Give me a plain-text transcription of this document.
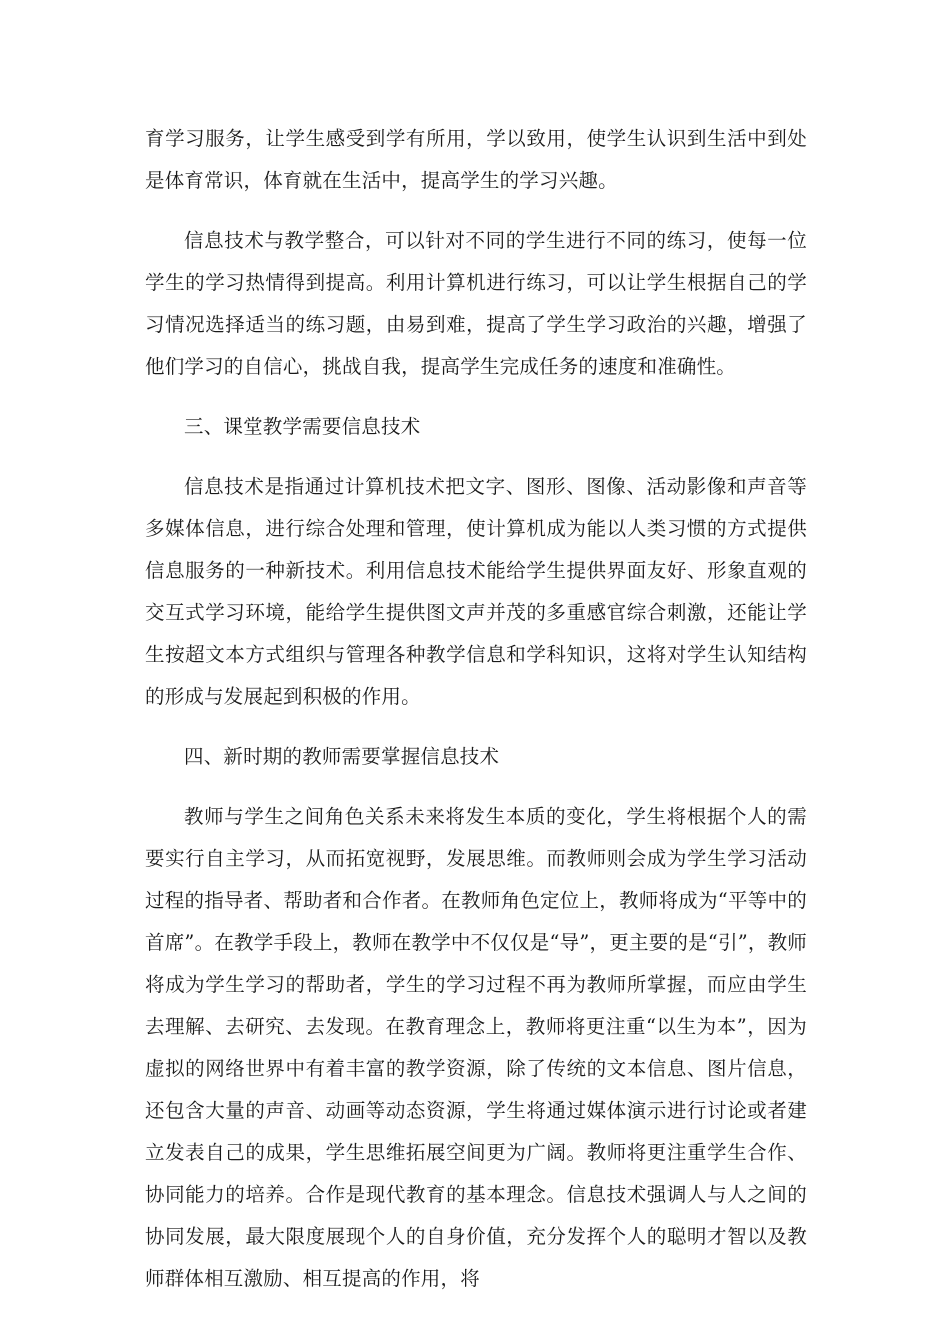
育学习服务，让学生感受到学有所用，学以致用，使学生认识到生活中到处是体育常识，体育就在生活中，提高学生的学习兴趣。

信息技术与教学整合，可以针对不同的学生进行不同的练习，使每一位学生的学习热情得到提高。利用计算机进行练习，可以让学生根据自己的学习情况选择适当的练习题，由易到难，提高了学生学习政治的兴趣，增强了他们学习的自信心，挑战自我，提高学生完成任务的速度和准确性。

三、课堂教学需要信息技术

信息技术是指通过计算机技术把文字、图形、图像、活动影像和声音等多媒体信息，进行综合处理和管理，使计算机成为能以人类习惯的方式提供信息服务的一种新技术。利用信息技术能给学生提供界面友好、形象直观的交互式学习环境，能给学生提供图文声并茂的多重感官综合刺激，还能让学生按超文本方式组织与管理各种教学信息和学科知识，这将对学生认知结构的形成与发展起到积极的作用。

四、新时期的教师需要掌握信息技术

教师与学生之间角色关系未来将发生本质的变化，学生将根据个人的需要实行自主学习，从而拓宽视野，发展思维。而教师则会成为学生学习活动过程的指导者、帮助者和合作者。在教师角色定位上，教师将成为“平等中的首席”。在教学手段上，教师在教学中不仅仅是“导”，更主要的是“引”，教师将成为学生学习的帮助者，学生的学习过程不再为教师所掌握，而应由学生去理解、去研究、去发现。在教育理念上，教师将更注重“以生为本”，因为虚拟的网络世界中有着丰富的教学资源，除了传统的文本信息、图片信息，还包含大量的声音、动画等动态资源，学生将通过媒体演示进行讨论或者建立发表自己的成果，学生思维拓展空间更为广阔。教师将更注重学生合作、协同能力的培养。合作是现代教育的基本理念。信息技术强调人与人之间的协同发展，最大限度展现个人的自身价值，充分发挥个人的聪明才智以及教师群体相互激励、相互提高的作用，将
